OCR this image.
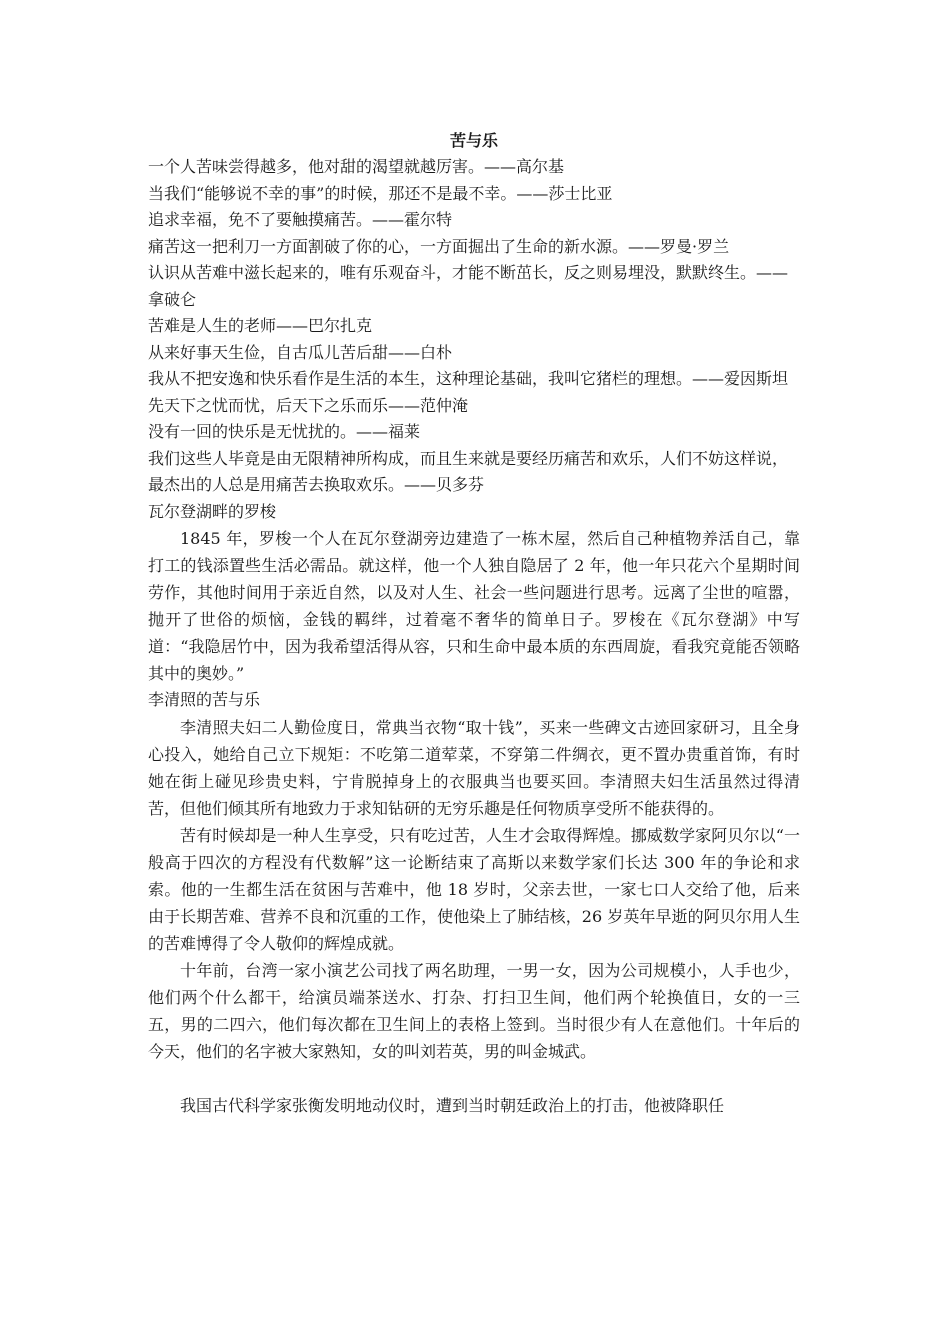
苦与乐

一个人苦味尝得越多，他对甜的渴望就越厉害。——高尔基

当我们“能够说不幸的事”的时候，那还不是最不幸。——莎士比亚

追求幸福，免不了要触摸痛苦。——霍尔特

痛苦这一把利刀一方面割破了你的心，一方面掘出了生命的新水源。——罗曼·罗兰

认识从苦难中滋长起来的，唯有乐观奋斗，才能不断茁长，反之则易埋没，默默终生。——拿破仑

苦难是人生的老师——巴尔扎克

从来好事天生俭，自古瓜儿苦后甜——白朴

我从不把安逸和快乐看作是生活的本生，这种理论基础，我叫它猪栏的理想。——爱因斯坦

先天下之忧而忧，后天下之乐而乐——范仲淹

没有一回的快乐是无忧扰的。——福莱

我们这些人毕竟是由无限精神所构成，而且生来就是要经历痛苦和欢乐，人们不妨这样说，最杰出的人总是用痛苦去换取欢乐。——贝多芬

瓦尔登湖畔的罗梭

1845 年，罗梭一个人在瓦尔登湖旁边建造了一栋木屋，然后自己种植物养活自己，靠打工的钱添置些生活必需品。就这样，他一个人独自隐居了 2 年，他一年只花六个星期时间劳作，其他时间用于亲近自然，以及对人生、社会一些问题进行思考。远离了尘世的喧嚣，抛开了世俗的烦恼，金钱的羁绊，过着毫不奢华的简单日子。罗梭在《瓦尔登湖》中写道：“我隐居竹中，因为我希望活得从容，只和生命中最本质的东西周旋，看我究竟能否领略其中的奥妙。”

李清照的苦与乐

李清照夫妇二人勤俭度日，常典当衣物“取十钱”，买来一些碑文古迹回家研习，且全身心投入，她给自己立下规矩：不吃第二道荤菜，不穿第二件绸衣，更不置办贵重首饰，有时她在街上碰见珍贵史料，宁肯脱掉身上的衣服典当也要买回。李清照夫妇生活虽然过得清苦，但他们倾其所有地致力于求知钻研的无穷乐趣是任何物质享受所不能获得的。

苦有时候却是一种人生享受，只有吃过苦，人生才会取得辉煌。挪威数学家阿贝尔以“一般高于四次的方程没有代数解”这一论断结束了高斯以来数学家们长达 300 年的争论和求索。他的一生都生活在贫困与苦难中，他 18 岁时，父亲去世，一家七口人交给了他，后来由于长期苦难、营养不良和沉重的工作，使他染上了肺结核，26 岁英年早逝的阿贝尔用人生的苦难博得了令人敬仰的辉煌成就。

十年前，台湾一家小演艺公司找了两名助理，一男一女，因为公司规模小，人手也少，他们两个什么都干，给演员端茶送水、打杂、打扫卫生间，他们两个轮换值日，女的一三五，男的二四六，他们每次都在卫生间上的表格上签到。当时很少有人在意他们。十年后的今天，他们的名字被大家熟知，女的叫刘若英，男的叫金城武。

我国古代科学家张衡发明地动仪时，遭到当时朝廷政治上的打击，他被降职任
